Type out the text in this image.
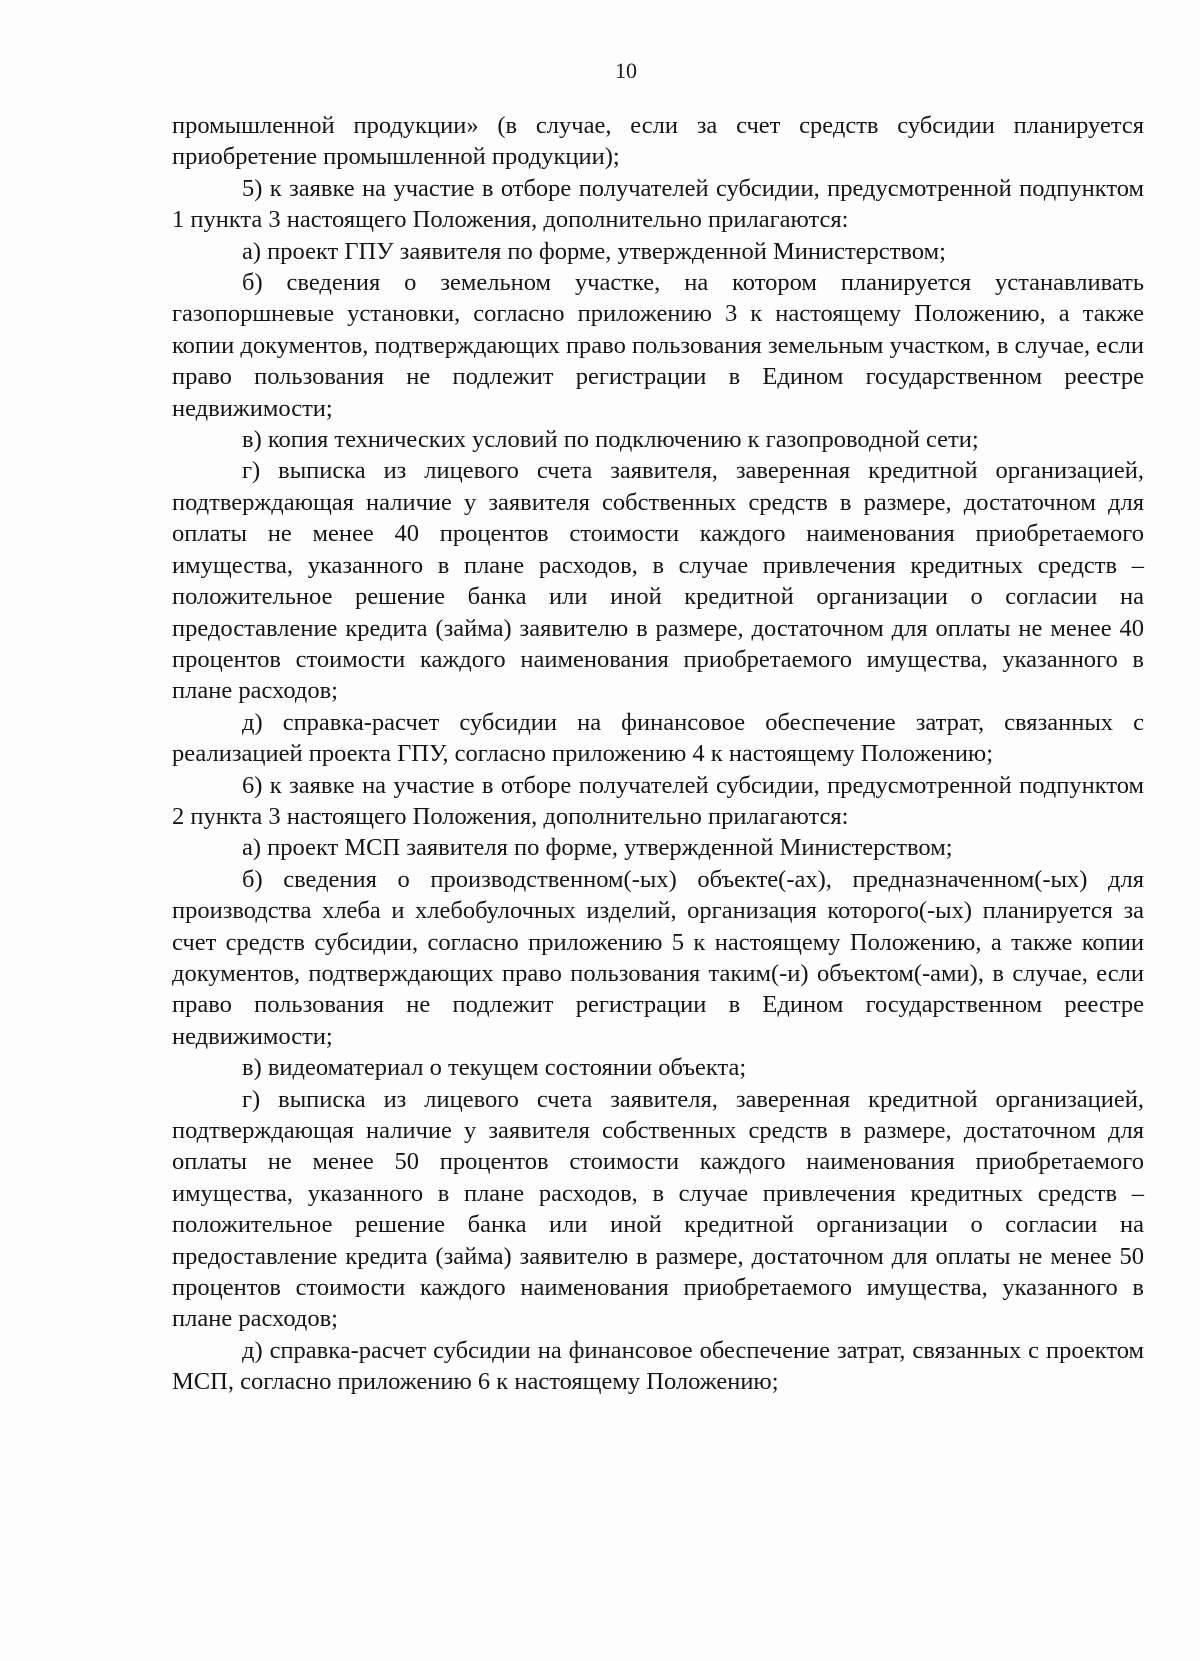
10

промышленной продукции» (в случае, если за счет средств субсидии планируется приобретение промышленной продукции);

5) к заявке на участие в отборе получателей субсидии, предусмотренной подпунктом 1 пункта 3 настоящего Положения, дополнительно прилагаются:

а) проект ГПУ заявителя по форме, утвержденной Министерством;

б) сведения о земельном участке, на котором планируется устанавливать газопоршневые установки, согласно приложению 3 к настоящему Положению, а также копии документов, подтверждающих право пользования земельным участком, в случае, если право пользования не подлежит регистрации в Едином государственном реестре недвижимости;

в) копия технических условий по подключению к газопроводной сети;

г) выписка из лицевого счета заявителя, заверенная кредитной организацией, подтверждающая наличие у заявителя собственных средств в размере, достаточном для оплаты не менее 40 процентов стоимости каждого наименования приобретаемого имущества, указанного в плане расходов, в случае привлечения кредитных средств – положительное решение банка или иной кредитной организации о согласии на предоставление кредита (займа) заявителю в размере, достаточном для оплаты не менее 40 процентов стоимости каждого наименования приобретаемого имущества, указанного в плане расходов;

д) справка-расчет субсидии на финансовое обеспечение затрат, связанных с реализацией проекта ГПУ, согласно приложению 4 к настоящему Положению;

6) к заявке на участие в отборе получателей субсидии, предусмотренной подпунктом 2 пункта 3 настоящего Положения, дополнительно прилагаются:

а) проект МСП заявителя по форме, утвержденной Министерством;

б) сведения о производственном(-ых) объекте(-ах), предназначенном(-ых) для производства хлеба и хлебобулочных изделий, организация которого(-ых) планируется за счет средств субсидии, согласно приложению 5 к настоящему Положению, а также копии документов, подтверждающих право пользования таким(-и) объектом(-ами), в случае, если право пользования не подлежит регистрации в Едином государственном реестре недвижимости;

в) видеоматериал о текущем состоянии объекта;

г) выписка из лицевого счета заявителя, заверенная кредитной организацией, подтверждающая наличие у заявителя собственных средств в размере, достаточном для оплаты не менее 50 процентов стоимости каждого наименования приобретаемого имущества, указанного в плане расходов, в случае привлечения кредитных средств – положительное решение банка или иной кредитной организации о согласии на предоставление кредита (займа) заявителю в размере, достаточном для оплаты не менее 50 процентов стоимости каждого наименования приобретаемого имущества, указанного в плане расходов;

д) справка-расчет субсидии на финансовое обеспечение затрат, связанных с проектом МСП, согласно приложению 6 к настоящему Положению;
